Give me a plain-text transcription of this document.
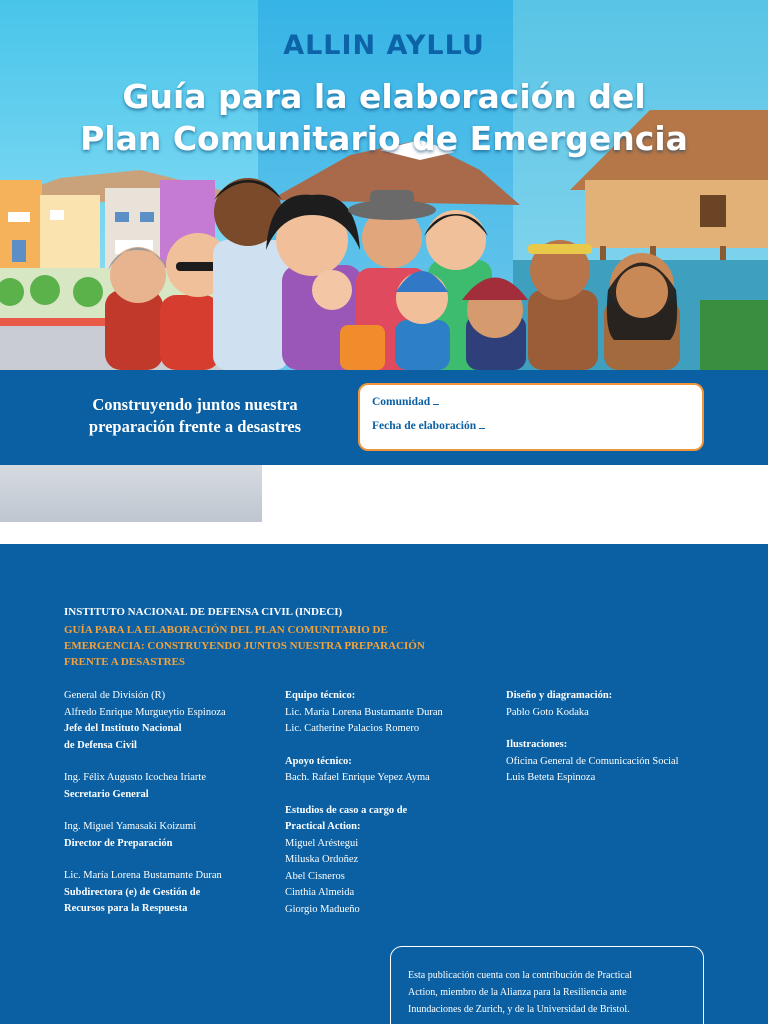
ALLIN AYLLU
Guía para la elaboración del
Plan Comunitario de Emergencia
Construyendo juntos nuestra
preparación frente a desastres
Comunidad
Fecha de elaboración
INSTITUTO NACIONAL DE DEFENSA CIVIL (INDECI)
GUÍA PARA LA ELABORACIÓN DEL PLAN COMUNITARIO DE
EMERGENCIA: CONSTRUYENDO JUNTOS NUESTRA PREPARACIÓN
FRENTE A DESASTRES
General de División (R)
Alfredo Enrique Murgueytio Espinoza
Jefe del Instituto Nacional
de Defensa Civil
Ing. Félix Augusto Icochea Iriarte
Secretario General
Ing. Miguel Yamasaki Koizumi
Director de Preparación
Lic. María Lorena Bustamante Duran
Subdirectora (e) de Gestión de
Recursos para la Respuesta
Equipo técnico:
Lic. María Lorena Bustamante Duran
Lic. Catherine Palacios Romero
Apoyo técnico:
Bach. Rafael Enrique Yepez Ayma
Estudios de caso a cargo de
Practical Action:
Miguel Aréstegui
Miluska Ordoñez
Abel Cisneros
Cinthia Almeida
Giorgio Madueño
Diseño y diagramación:
Pablo Goto Kodaka
Ilustraciones:
Oficina General de Comunicación Social
Luis Beteta Espinoza
Esta publicación cuenta con la contribución de Practical
Action, miembro de la Alianza para la Resiliencia ante
Inundaciones de Zurich, y de la Universidad de Bristol.
